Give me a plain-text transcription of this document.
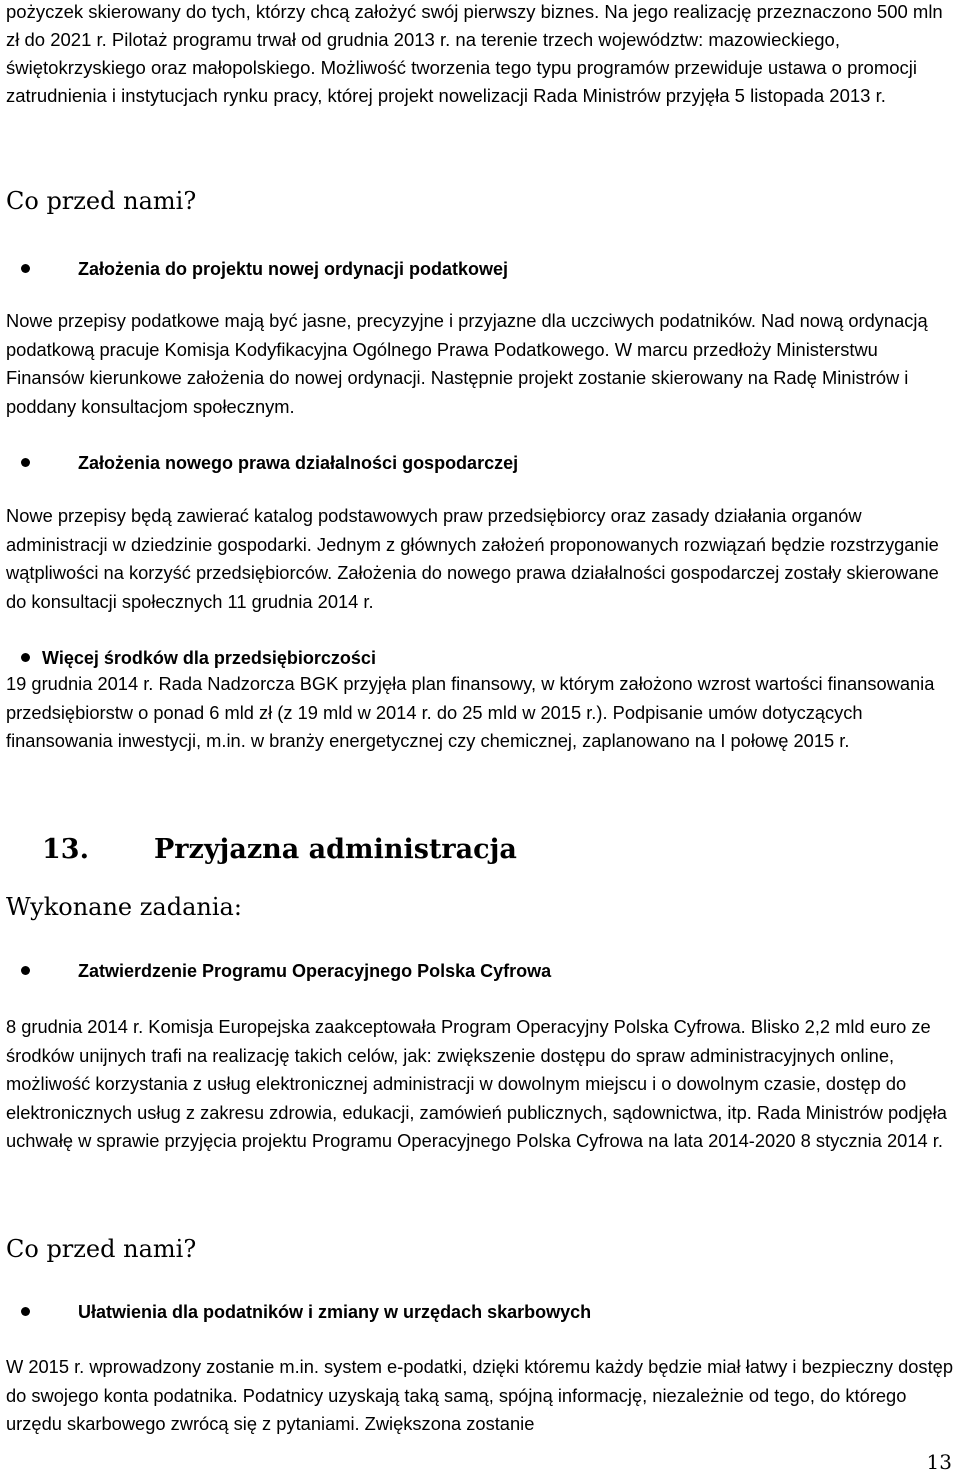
pożyczek skierowany do tych, którzy chcą założyć swój pierwszy biznes. Na jego realizację przeznaczono 500 mln zł do 2021 r. Pilotaż programu trwał od grudnia 2013 r. na terenie trzech województw: mazowieckiego, świętokrzyskiego oraz małopolskiego. Możliwość tworzenia tego typu programów przewiduje ustawa o promocji zatrudnienia i instytucjach rynku pracy, której projekt nowelizacji Rada Ministrów przyjęła 5 listopada 2013 r.

Co przed nami?
Założenia do projektu nowej ordynacji podatkowej

Nowe przepisy podatkowe mają być jasne, precyzyjne i przyjazne dla uczciwych podatników. Nad nową ordynacją podatkową pracuje Komisja Kodyfikacyjna Ogólnego Prawa Podatkowego. W marcu przedłoży Ministerstwu Finansów kierunkowe założenia do nowej ordynacji. Następnie projekt zostanie skierowany na Radę Ministrów i poddany konsultacjom społecznym.

Założenia nowego prawa działalności gospodarczej

Nowe przepisy będą zawierać katalog podstawowych praw przedsiębiorcy oraz zasady działania organów administracji w dziedzinie gospodarki. Jednym z głównych założeń proponowanych rozwiązań będzie rozstrzyganie wątpliwości na korzyść przedsiębiorców. Założenia do nowego prawa działalności gospodarczej zostały skierowane do konsultacji społecznych 11 grudnia 2014 r.

Więcej środków dla przedsiębiorczości

19 grudnia 2014 r. Rada Nadzorcza BGK przyjęła plan finansowy, w którym założono wzrost wartości finansowania przedsiębiorstw o ponad 6 mld zł (z 19 mld w 2014 r. do 25 mld w 2015 r.). Podpisanie umów dotyczących finansowania inwestycji, m.in. w branży energetycznej czy chemicznej, zaplanowano na I połowę 2015 r.

13. Przyjazna administracja
Wykonane zadania:
Zatwierdzenie Programu Operacyjnego Polska Cyfrowa

8 grudnia 2014 r. Komisja Europejska zaakceptowała Program Operacyjny Polska Cyfrowa. Blisko 2,2 mld euro ze środków unijnych trafi na realizację takich celów, jak: zwiększenie dostępu do spraw administracyjnych online, możliwość korzystania z usług elektronicznej administracji w dowolnym miejscu i o dowolnym czasie, dostęp do elektronicznych usług z zakresu zdrowia, edukacji, zamówień publicznych, sądownictwa, itp. Rada Ministrów podjęła uchwałę w sprawie przyjęcia projektu Programu Operacyjnego Polska Cyfrowa na lata 2014-2020 8 stycznia 2014 r.

Co przed nami?
Ułatwienia dla podatników i zmiany w urzędach skarbowych

W 2015 r. wprowadzony zostanie m.in. system e-podatki, dzięki któremu każdy będzie miał łatwy i bezpieczny dostęp do swojego konta podatnika. Podatnicy uzyskają taką samą, spójną informację, niezależnie od tego, do którego urzędu skarbowego zwrócą się z pytaniami. Zwiększona zostanie

13
